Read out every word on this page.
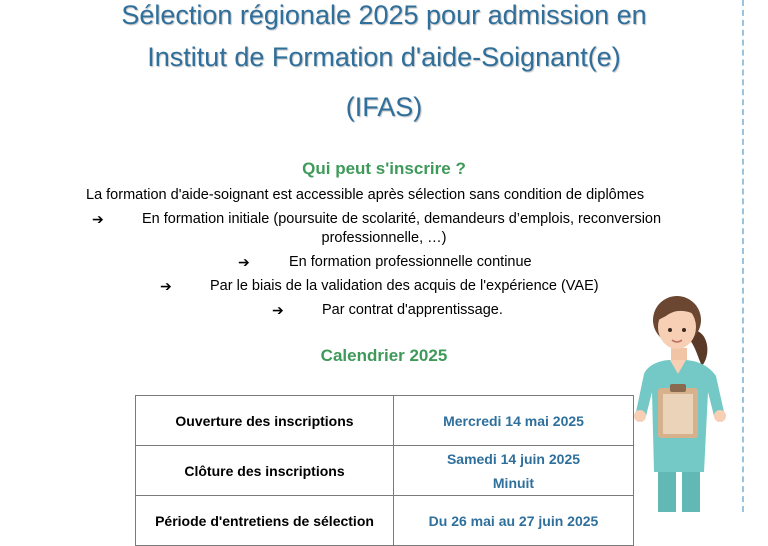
Sélection régionale 2025 pour admission en
Institut de Formation d'aide-Soignant(e)
(IFAS)
Qui peut s'inscrire ?
La formation d'aide-soignant est accessible après sélection sans condition de diplômes
➔	En formation initiale (poursuite de scolarité, demandeurs d’emplois, reconversion
professionnelle, …)
➔	En formation professionnelle continue
➔	Par le biais de la validation des acquis de l'expérience (VAE)
➔	Par contrat d'apprentissage.
Calendrier 2025
Ouverture des inscriptions	Mercredi 14 mai 2025

Clôture des inscriptions	Samedi 14 juin 2025
Minuit

Période d'entretiens de sélection	Du 26 mai au 27 juin 2025
